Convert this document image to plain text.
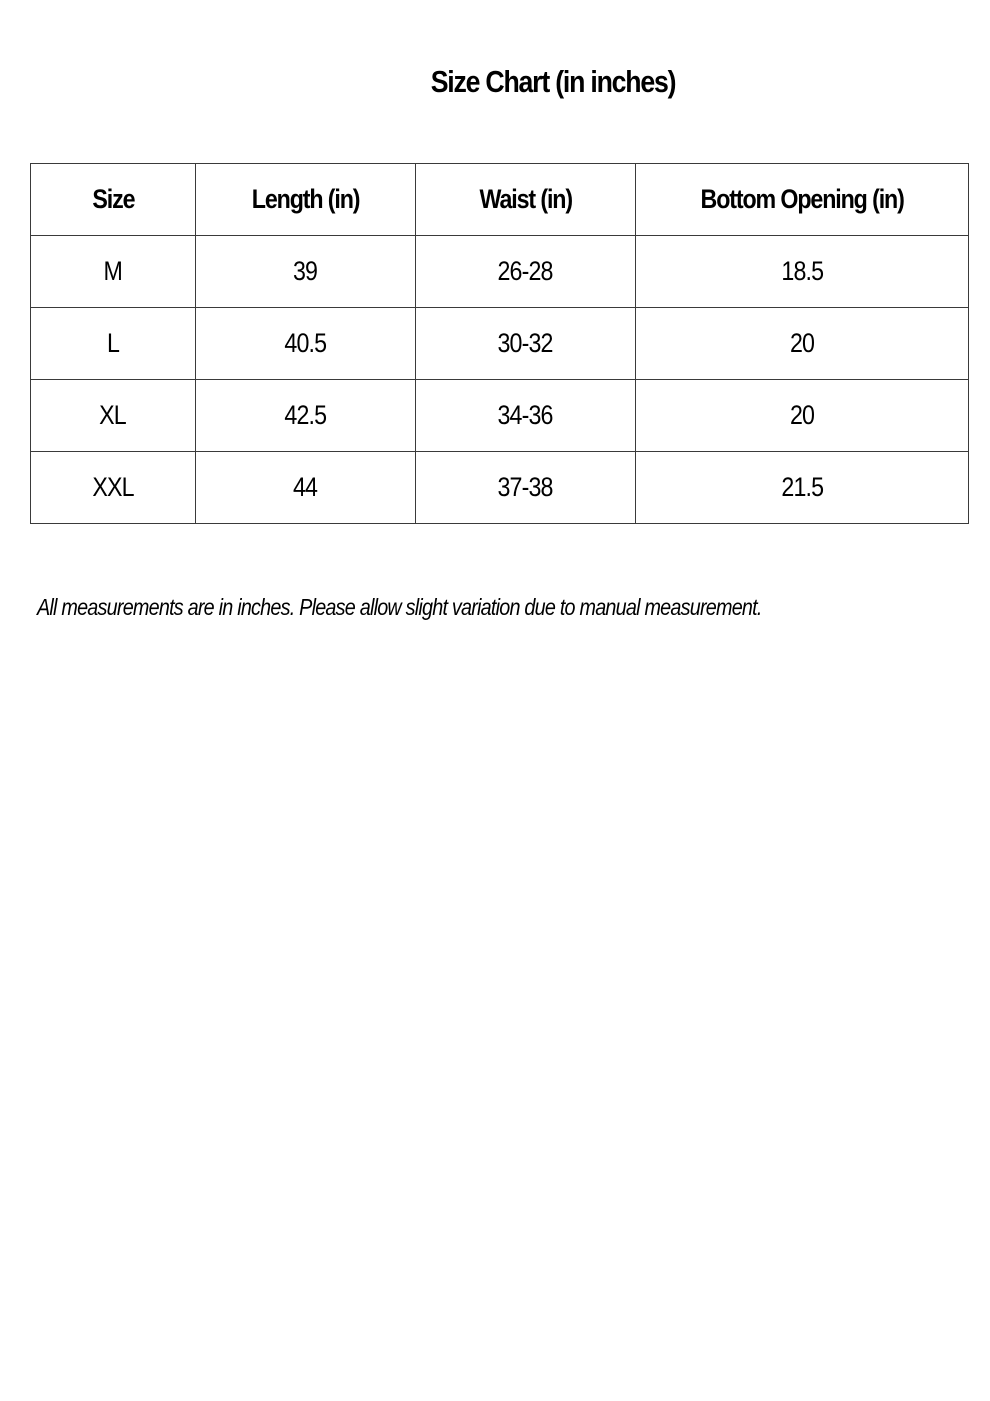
Size Chart (in inches)
Size	Length (in)	Waist (in)	Bottom Opening (in)
M	39	26-28	18.5
L	40.5	30-32	20
XL	42.5	34-36	20
XXL	44	37-38	21.5

All measurements are in inches. Please allow slight variation due to manual measurement.
